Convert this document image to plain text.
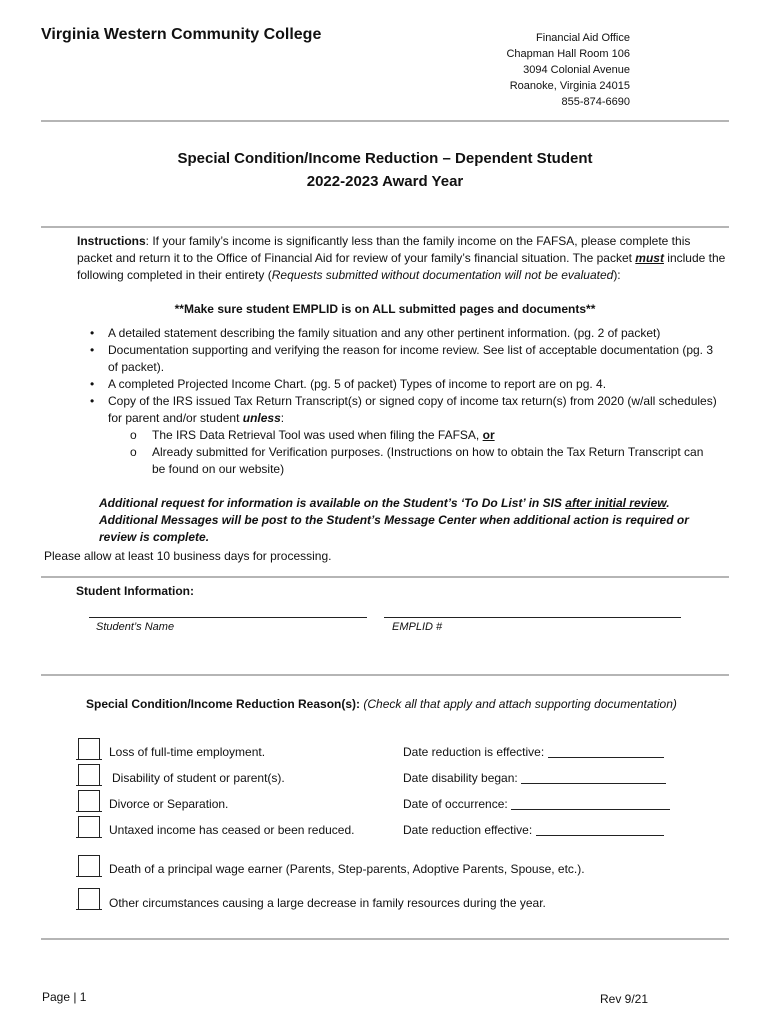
Virginia Western Community College	Financial Aid Office
Chapman Hall Room 106
3094 Colonial Avenue
Roanoke, Virginia 24015
855-874-6690
Special Condition/Income Reduction – Dependent Student
2022-2023 Award Year
Instructions: If your family’s income is significantly less than the family income on the FAFSA, please complete this packet and return it to the Office of Financial Aid for review of your family’s financial situation. The packet must include the following completed in their entirety (Requests submitted without documentation will not be evaluated):
**Make sure student EMPLID is on ALL submitted pages and documents**
• A detailed statement describing the family situation and any other pertinent information. (pg. 2 of packet)
• Documentation supporting and verifying the reason for income review. See list of acceptable documentation (pg. 3 of packet).
• A completed Projected Income Chart. (pg. 5 of packet) Types of income to report are on pg. 4.
• Copy of the IRS issued Tax Return Transcript(s) or signed copy of income tax return(s) from 2020 (w/all schedules) for parent and/or student unless:
o The IRS Data Retrieval Tool was used when filing the FAFSA, or
o Already submitted for Verification purposes. (Instructions on how to obtain the Tax Return Transcript can be found on our website)
Additional request for information is available on the Student’s ‘To Do List’ in SIS after initial review.
Additional Messages will be post to the Student’s Message Center when additional action is required or review is complete.
Please allow at least 10 business days for processing.
Student Information:
Student’s Name	EMPLID #
Special Condition/Income Reduction Reason(s): (Check all that apply and attach supporting documentation)
Loss of full-time employment.	Date reduction is effective:
Disability of student or parent(s).	Date disability began:
Divorce or Separation.	Date of occurrence:
Untaxed income has ceased or been reduced.	Date reduction effective:
Death of a principal wage earner (Parents, Step-parents, Adoptive Parents, Spouse, etc.).
Other circumstances causing a large decrease in family resources during the year.
Page | 1	Rev 9/21
